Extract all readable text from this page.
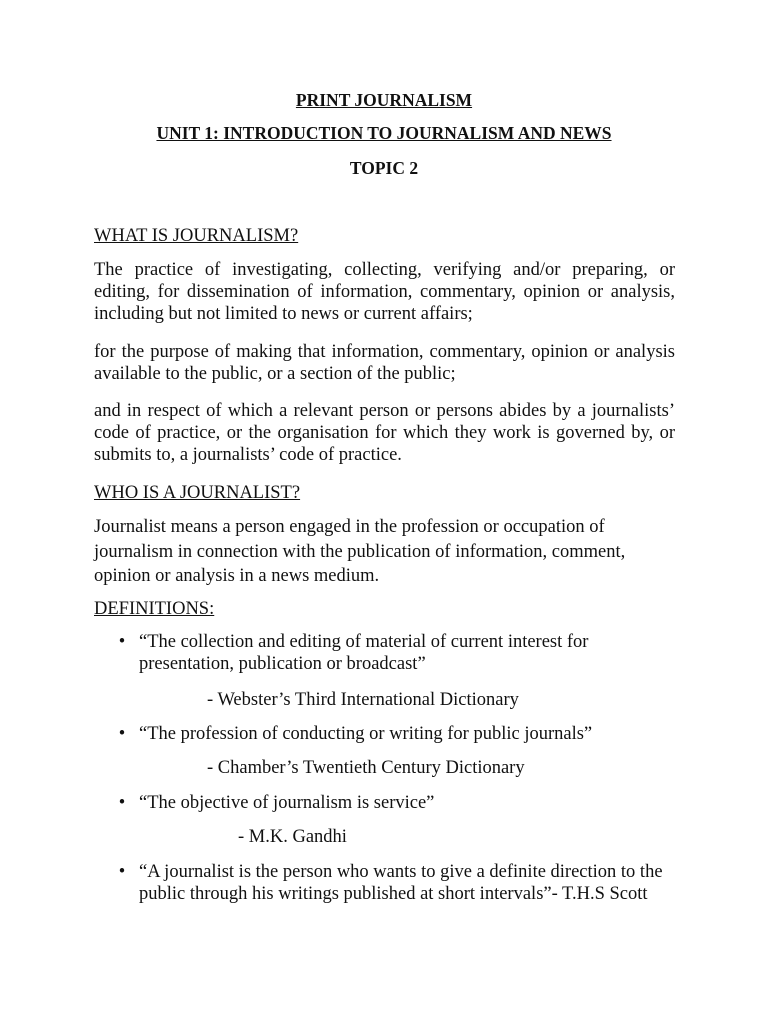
PRINT JOURNALISM

UNIT 1: INTRODUCTION TO JOURNALISM AND NEWS

TOPIC 2

WHAT IS JOURNALISM?

The practice of investigating, collecting, verifying and/or preparing, or editing, for dissemination of information, commentary, opinion or analysis, including but not limited to news or current affairs;

for the purpose of making that information, commentary, opinion or analysis available to the public, or a section of the public;

and in respect of which a relevant person or persons abides by a journalists’ code of practice, or the organisation for which they work is governed by, or submits to, a journalists’ code of practice.

WHO IS A JOURNALIST?

Journalist means a person engaged in the profession or occupation of journalism in connection with the publication of information, comment, opinion or analysis in a news medium.

DEFINITIONS:

• “The collection and editing of material of current interest for presentation, publication or broadcast”

- Webster’s Third International Dictionary

• “The profession of conducting or writing for public journals”

- Chamber’s Twentieth Century Dictionary

• “The objective of journalism is service”

- M.K. Gandhi

• “A journalist is the person who wants to give a definite direction to the public through his writings published at short intervals”- T.H.S Scott
